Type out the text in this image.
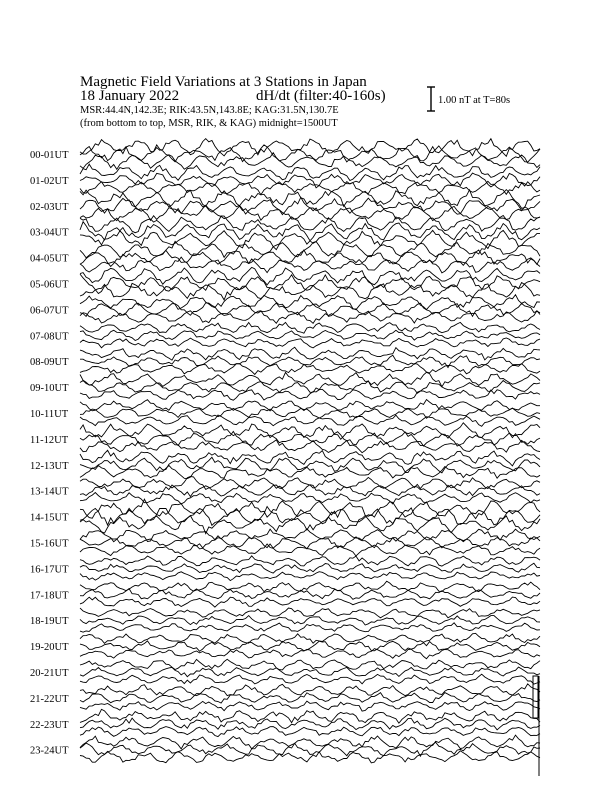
Magnetic Field Variations at 3 Stations in Japan
18 January 2022	dH/dt (filter:40-160s)
MSR:44.4N,142.3E; RIK:43.5N,143.8E; KAG:31.5N,130.7E
(from bottom to top, MSR, RIK, & KAG) midnight=1500UT
1.00 nT at T=80s
00-01UT
01-02UT
02-03UT
03-04UT
04-05UT
05-06UT
06-07UT
07-08UT
08-09UT
09-10UT
10-11UT
11-12UT
12-13UT
13-14UT
14-15UT
15-16UT
16-17UT
17-18UT
18-19UT
19-20UT
20-21UT
21-22UT
22-23UT
23-24UT
